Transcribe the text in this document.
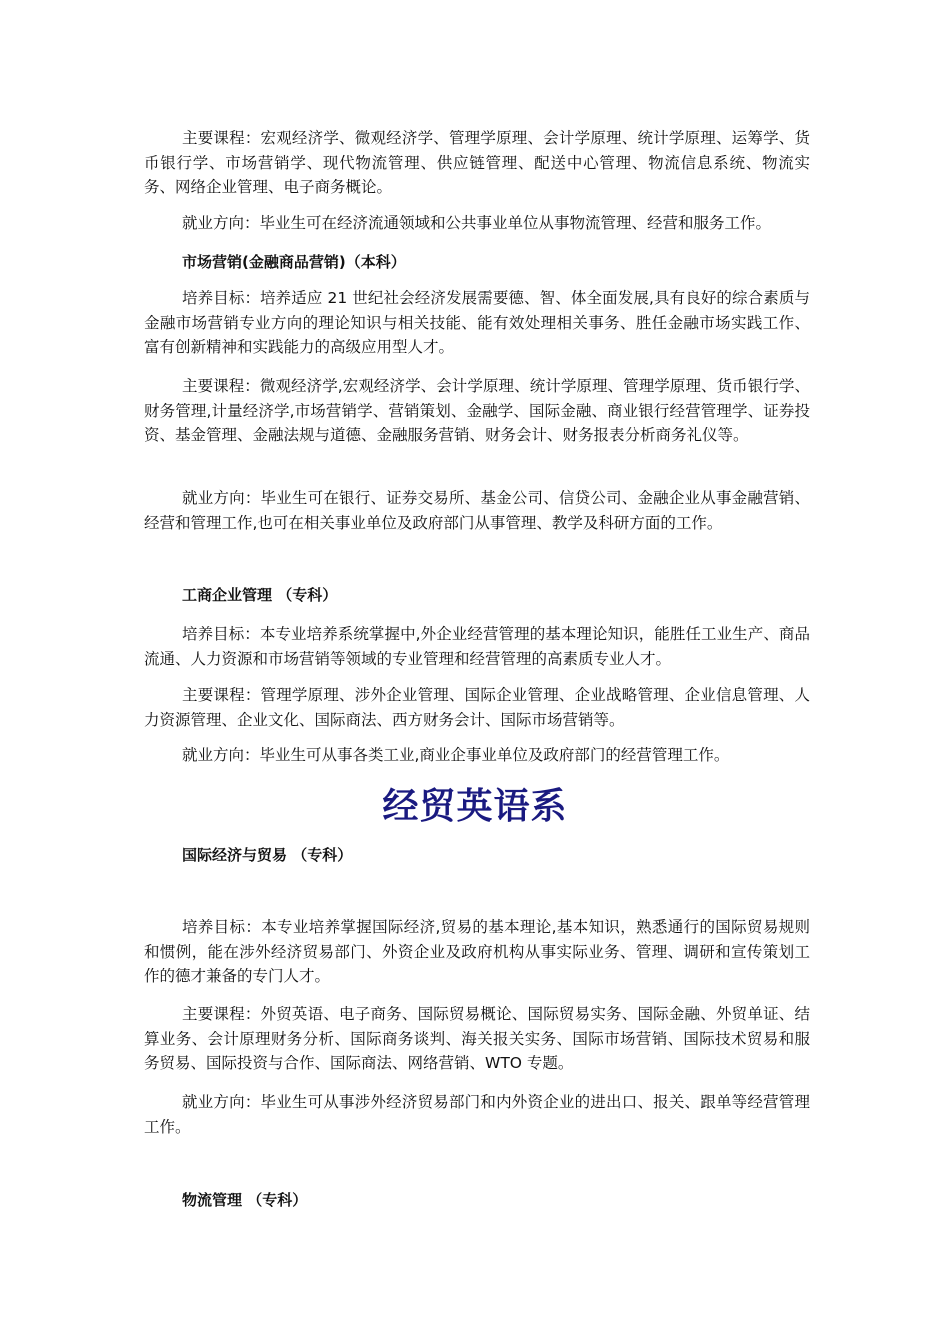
主要课程：宏观经济学、微观经济学、管理学原理、会计学原理、统计学原理、运筹学、货币银行学、市场营销学、现代物流管理、供应链管理、配送中心管理、物流信息系统、物流实务、网络企业管理、电子商务概论。

就业方向：毕业生可在经济流通领域和公共事业单位从事物流管理、经营和服务工作。

市场营销(金融商品营销)（本科）

培养目标：培养适应 21 世纪社会经济发展需要德、智、体全面发展,具有良好的综合素质与金融市场营销专业方向的理论知识与相关技能、能有效处理相关事务、胜任金融市场实践工作、富有创新精神和实践能力的高级应用型人才。

主要课程：微观经济学,宏观经济学、会计学原理、统计学原理、管理学原理、货币银行学、财务管理,计量经济学,市场营销学、营销策划、金融学、国际金融、商业银行经营管理学、证券投资、基金管理、金融法规与道德、金融服务营销、财务会计、财务报表分析商务礼仪等。

就业方向：毕业生可在银行、证券交易所、基金公司、信贷公司、金融企业从事金融营销、经营和管理工作,也可在相关事业单位及政府部门从事管理、教学及科研方面的工作。

工商企业管理 （专科）

培养目标：本专业培养系统掌握中,外企业经营管理的基本理论知识，能胜任工业生产、商品流通、人力资源和市场营销等领域的专业管理和经营管理的高素质专业人才。

主要课程：管理学原理、涉外企业管理、国际企业管理、企业战略管理、企业信息管理、人力资源管理、企业文化、国际商法、西方财务会计、国际市场营销等。

就业方向：毕业生可从事各类工业,商业企事业单位及政府部门的经营管理工作。

经贸英语系
国际经济与贸易 （专科）

培养目标：本专业培养掌握国际经济,贸易的基本理论,基本知识，熟悉通行的国际贸易规则和惯例，能在涉外经济贸易部门、外资企业及政府机构从事实际业务、管理、调研和宣传策划工作的德才兼备的专门人才。

主要课程：外贸英语、电子商务、国际贸易概论、国际贸易实务、国际金融、外贸单证、结算业务、会计原理财务分析、国际商务谈判、海关报关实务、国际市场营销、国际技术贸易和服务贸易、国际投资与合作、国际商法、网络营销、WTO 专题。

就业方向：毕业生可从事涉外经济贸易部门和内外资企业的进出口、报关、跟单等经营管理工作。

物流管理 （专科）
